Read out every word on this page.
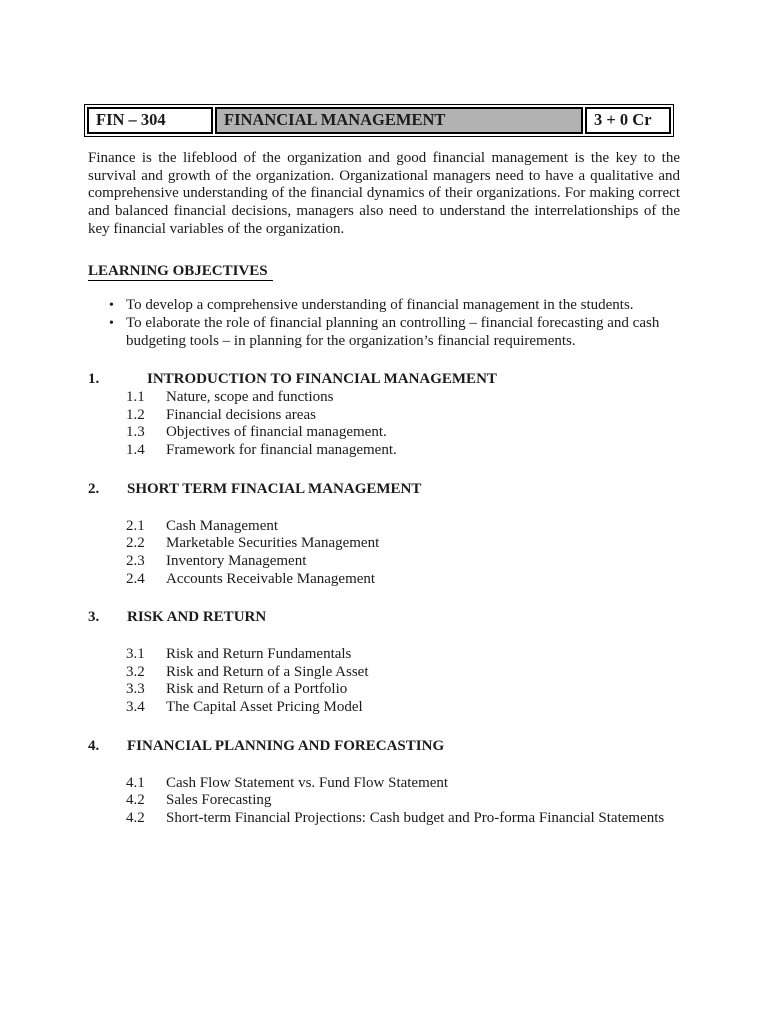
FIN – 304	FINANCIAL MANAGEMENT	3 + 0 Cr

Finance is the lifeblood of the organization and good financial management is the key to the survival and growth of the organization. Organizational managers need to have a qualitative and comprehensive understanding of the financial dynamics of their organizations. For making correct and balanced financial decisions, managers also need to understand the interrelationships of the key financial variables of the organization.

LEARNING OBJECTIVES
• To develop a comprehensive understanding of financial management in the students.
• To elaborate the role of financial planning an controlling – financial forecasting and cash budgeting tools – in planning for the organization’s financial requirements.
1.	INTRODUCTION TO FINANCIAL MANAGEMENT
1.1	Nature, scope and functions
1.2	Financial decisions areas
1.3	Objectives of financial management.
1.4	Framework for financial management.
2.	SHORT TERM FINACIAL MANAGEMENT
2.1	Cash Management
2.2	Marketable Securities Management
2.3	Inventory Management
2.4	Accounts Receivable Management
3.	RISK AND RETURN
3.1	Risk and Return Fundamentals
3.2	Risk and Return of a Single Asset
3.3	Risk and Return of a Portfolio
3.4	The Capital Asset Pricing Model
4.	FINANCIAL PLANNING AND FORECASTING
4.1	Cash Flow Statement vs. Fund Flow Statement
4.2	Sales Forecasting
4.2	Short-term Financial Projections: Cash budget and Pro-forma Financial Statements
